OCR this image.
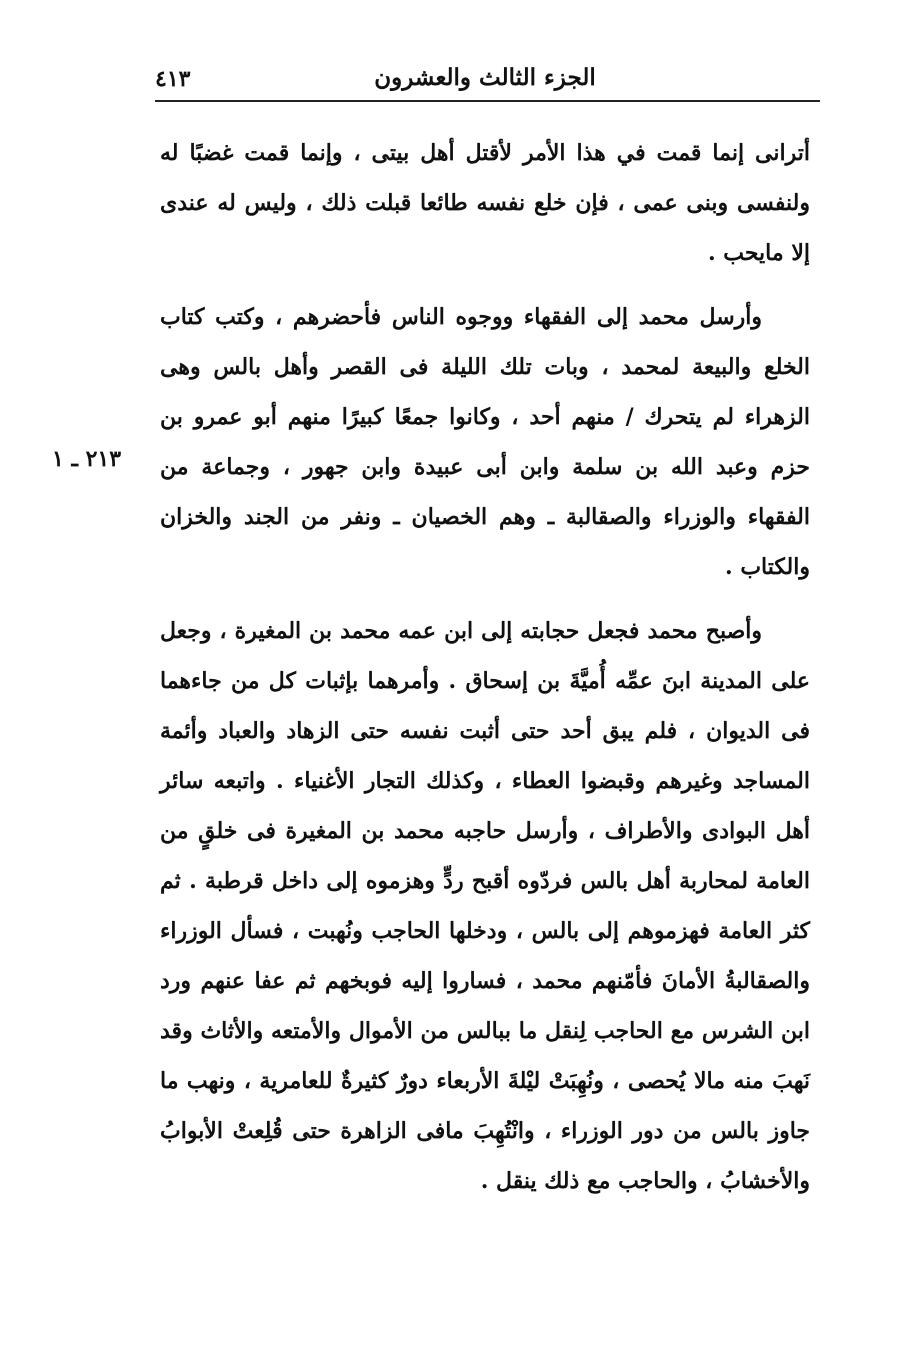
الجزء الثالث والعشرون
٤١٣
٢١٣ ـ ١

أترانى إنما قمت في هذا الأمر لأقتل أهل بيتى ، وإنما قمت غضبًا له ولنفسى وبنى عمى ، فإن خلع نفسه طائعا قبلت ذلك ، وليس له عندى إلا مايحب .

وأرسل محمد إلى الفقهاء ووجوه الناس فأحضرهم ، وكتب كتاب الخلع والبيعة لمحمد ، وبات تلك الليلة فى القصر وأهل بالس وهى الزهراء لم يتحرك / منهم أحد ، وكانوا جمعًا كبيرًا منهم أبو عمرو بن حزم وعبد الله بن سلمة وابن أبى عبيدة وابن جهور ، وجماعة من الفقهاء والوزراء والصقالبة ـ وهم الخصيان ـ ونفر من الجند والخزان والكتاب .

وأصبح محمد فجعل حجابته إلى ابن عمه محمد بن المغيرة ، وجعل على المدينة ابنَ عمِّه أُميَّةَ بن إسحاق . وأمرهما بإثبات كل من جاءهما فى الديوان ، فلم يبق أحد حتى أثبت نفسه حتى الزهاد والعباد وأئمة المساجد وغيرهم وقبضوا العطاء ، وكذلك التجار الأغنياء . واتبعه سائر أهل البوادى والأطراف ، وأرسل حاجبه محمد بن المغيرة فى خلقٍ من العامة لمحاربة أهل بالس فردّوه أقبح ردٍّ وهزموه إلى داخل قرطبة . ثم كثر العامة فهزموهم إلى بالس ، ودخلها الحاجب ونُهبت ، فسأل الوزراء والصقالبةُ الأمانَ فأمّنهم محمد ، فساروا إليه فوبخهم ثم عفا عنهم ورد ابن الشرس مع الحاجب لِنقل ما ببالس من الأموال والأمتعه والأثاث وقد نَهبَ منه مالا يُحصى ، ونُهِبَتْ ليْلةَ الأربعاء دورٌ كثيرةٌ للعامرية ، ونهب ما جاوز بالس من دور الوزراء ، وانْتُهِبَ مافى الزاهرة حتى قُلِعتْ الأبوابُ والأخشابُ ، والحاجب مع ذلك ينقل .
